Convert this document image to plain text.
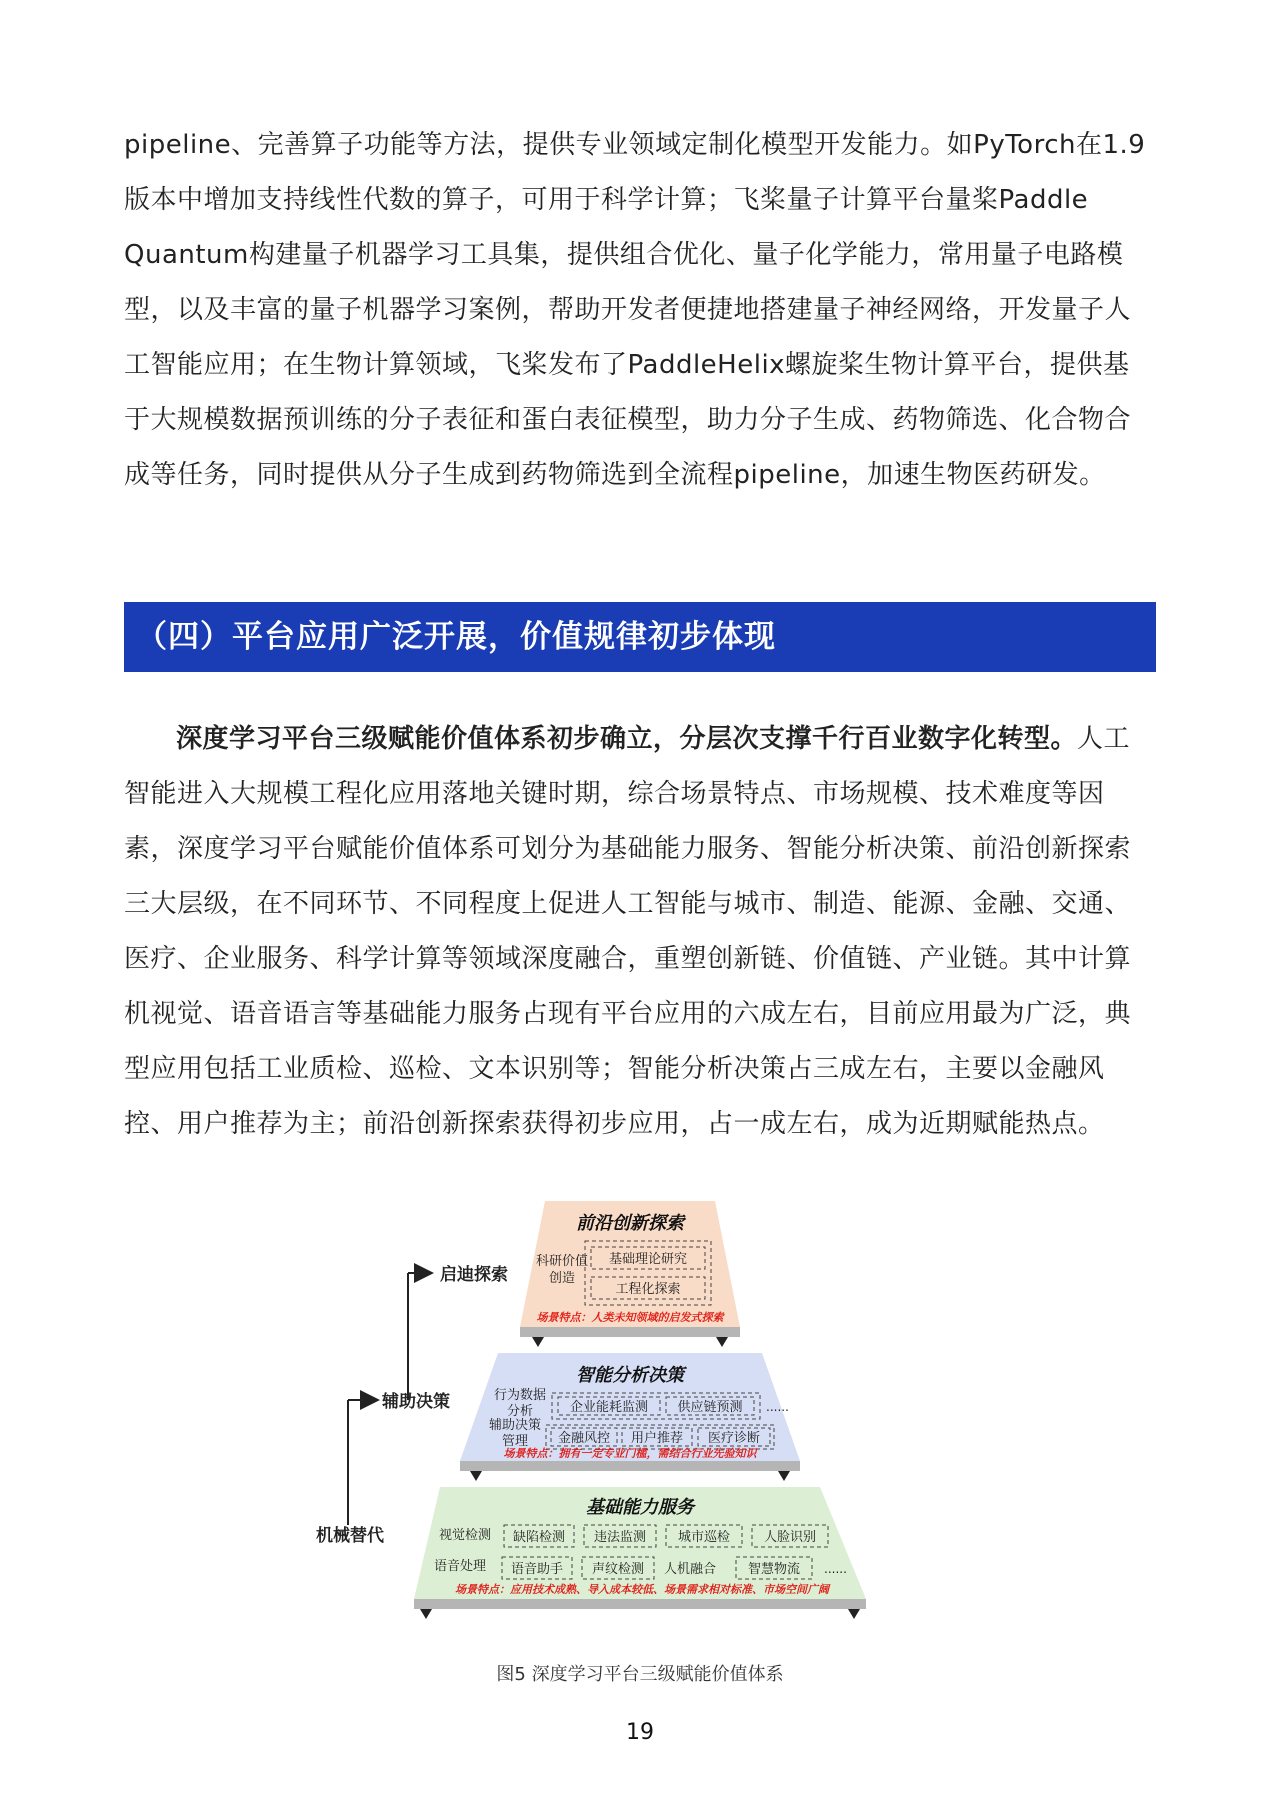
pipeline、完善算子功能等方法，提供专业领域定制化模型开发能力。如PyTorch在1.9版本中增加支持线性代数的算子，可用于科学计算；飞桨量子计算平台量桨Paddle Quantum构建量子机器学习工具集，提供组合优化、量子化学能力，常用量子电路模型，以及丰富的量子机器学习案例，帮助开发者便捷地搭建量子神经网络，开发量子人工智能应用；在生物计算领域，飞桨发布了PaddleHelix螺旋桨生物计算平台，提供基于大规模数据预训练的分子表征和蛋白表征模型，助力分子生成、药物筛选、化合物合成等任务，同时提供从分子生成到药物筛选到全流程pipeline，加速生物医药研发。

（四）平台应用广泛开展，价值规律初步体现

深度学习平台三级赋能价值体系初步确立，分层次支撑千行百业数字化转型。人工智能进入大规模工程化应用落地关键时期，综合场景特点、市场规模、技术难度等因素，深度学习平台赋能价值体系可划分为基础能力服务、智能分析决策、前沿创新探索三大层级，在不同环节、不同程度上促进人工智能与城市、制造、能源、金融、交通、医疗、企业服务、科学计算等领域深度融合，重塑创新链、价值链、产业链。其中计算机视觉、语音语言等基础能力服务占现有平台应用的六成左右，目前应用最为广泛，典型应用包括工业质检、巡检、文本识别等；智能分析决策占三成左右，主要以金融风控、用户推荐为主；前沿创新探索获得初步应用，占一成左右，成为近期赋能热点。

启迪探索
辅助决策
机械替代
前沿创新探索
科研价值创造
基础理论研究
工程化探索
场景特点：人类未知领域的启发式探索
智能分析决策
行为数据分析	企业能耗监测 供应链预测 ......
辅助决策管理	金融风控 用户推荐 医疗诊断
场景特点：拥有一定专业门槛，需结合行业先验知识
基础能力服务
视觉检测 缺陷检测 违法监测 城市巡检	人脸识别
语音处理 语音助手 声纹检测 人机融合 智慧物流 ......
场景特点：应用技术成熟、导入成本较低、场景需求相对标准、市场空间广阔
图5 深度学习平台三级赋能价值体系
19
